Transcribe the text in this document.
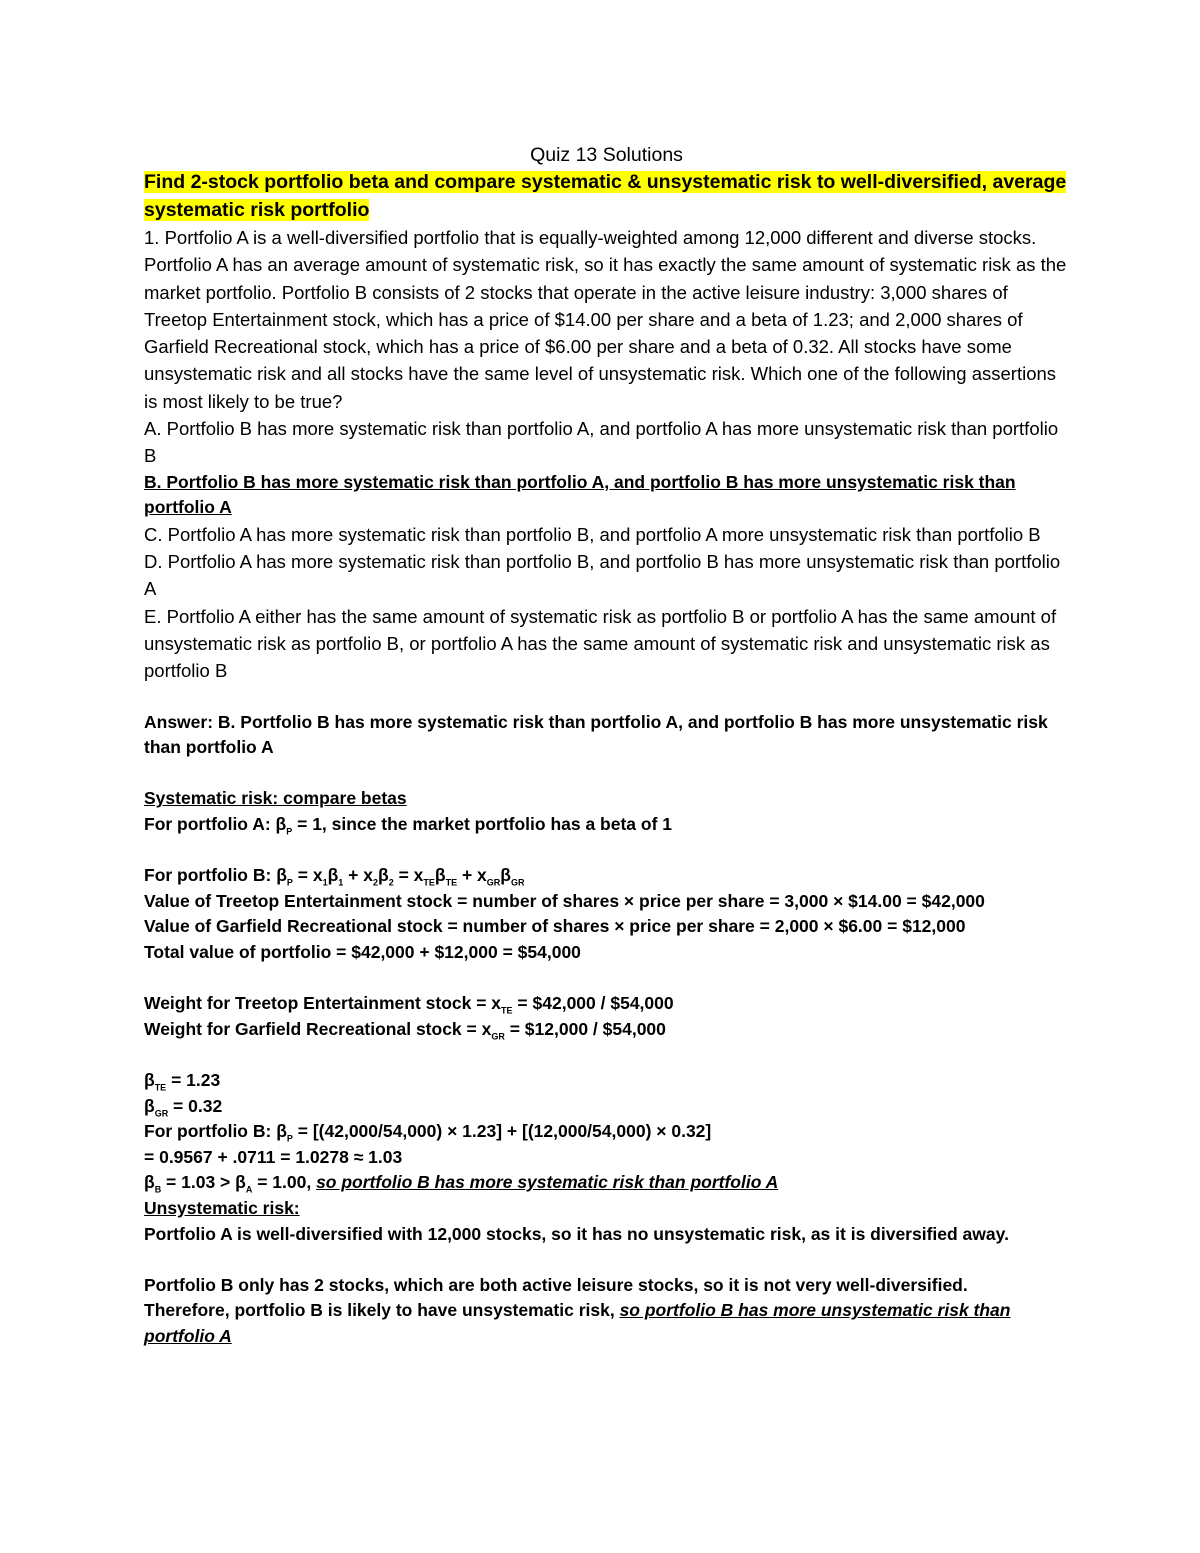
Quiz 13 Solutions
Find 2-stock portfolio beta and compare systematic & unsystematic risk to well-diversified, average systematic risk portfolio

1. Portfolio A is a well-diversified portfolio that is equally-weighted among 12,000 different and diverse stocks. Portfolio A has an average amount of systematic risk, so it has exactly the same amount of systematic risk as the market portfolio. Portfolio B consists of 2 stocks that operate in the active leisure industry: 3,000 shares of Treetop Entertainment stock, which has a price of $14.00 per share and a beta of 1.23; and 2,000 shares of Garfield Recreational stock, which has a price of $6.00 per share and a beta of 0.32. All stocks have some unsystematic risk and all stocks have the same level of unsystematic risk. Which one of the following assertions is most likely to be true?

A. Portfolio B has more systematic risk than portfolio A, and portfolio A has more unsystematic risk than portfolio B

B. Portfolio B has more systematic risk than portfolio A, and portfolio B has more unsystematic risk than portfolio A

C. Portfolio A has more systematic risk than portfolio B, and portfolio A more unsystematic risk than portfolio B

D. Portfolio A has more systematic risk than portfolio B, and portfolio B has more unsystematic risk than portfolio A

E. Portfolio A either has the same amount of systematic risk as portfolio B or portfolio A has the same amount of unsystematic risk as portfolio B, or portfolio A has the same amount of systematic risk and unsystematic risk as portfolio B

Answer: B. Portfolio B has more systematic risk than portfolio A, and portfolio B has more unsystematic risk than portfolio A

Systematic risk: compare betas

For portfolio A: $\beta_P = 1$, since the market portfolio has a beta of 1

For portfolio B: $\beta_P = x_1\beta_1 + x_2\beta_2 = x_{TE}\beta_{TE} + x_{GR}\beta_{GR}$

Value of Treetop Entertainment stock = number of shares × price per share = 3,000 × $14.00 = $42,000

Value of Garfield Recreational stock = number of shares × price per share = 2,000 × $6.00 = $12,000

Total value of portfolio = $42,000 + $12,000 = $54,000

Weight for Treetop Entertainment stock = $x_{TE}$ = $42,000 / $54,000

Weight for Garfield Recreational stock = $x_{GR}$ = $12,000 / $54,000

$\beta_{TE} = 1.23$

$\beta_{GR} = 0.32$

For portfolio B: $\beta_P = [(42,000/54,000) \times 1.23] + [(12,000/54,000) \times 0.32]$

= 0.9567 + .0711 = 1.0278 ≈ 1.03

$\beta_B = 1.03 > \beta_A = 1.00$, so portfolio B has more systematic risk than portfolio A

Unsystematic risk:

Portfolio A is well-diversified with 12,000 stocks, so it has no unsystematic risk, as it is diversified away.

Portfolio B only has 2 stocks, which are both active leisure stocks, so it is not very well-diversified.

Therefore, portfolio B is likely to have unsystematic risk, so portfolio B has more unsystematic risk than portfolio A
